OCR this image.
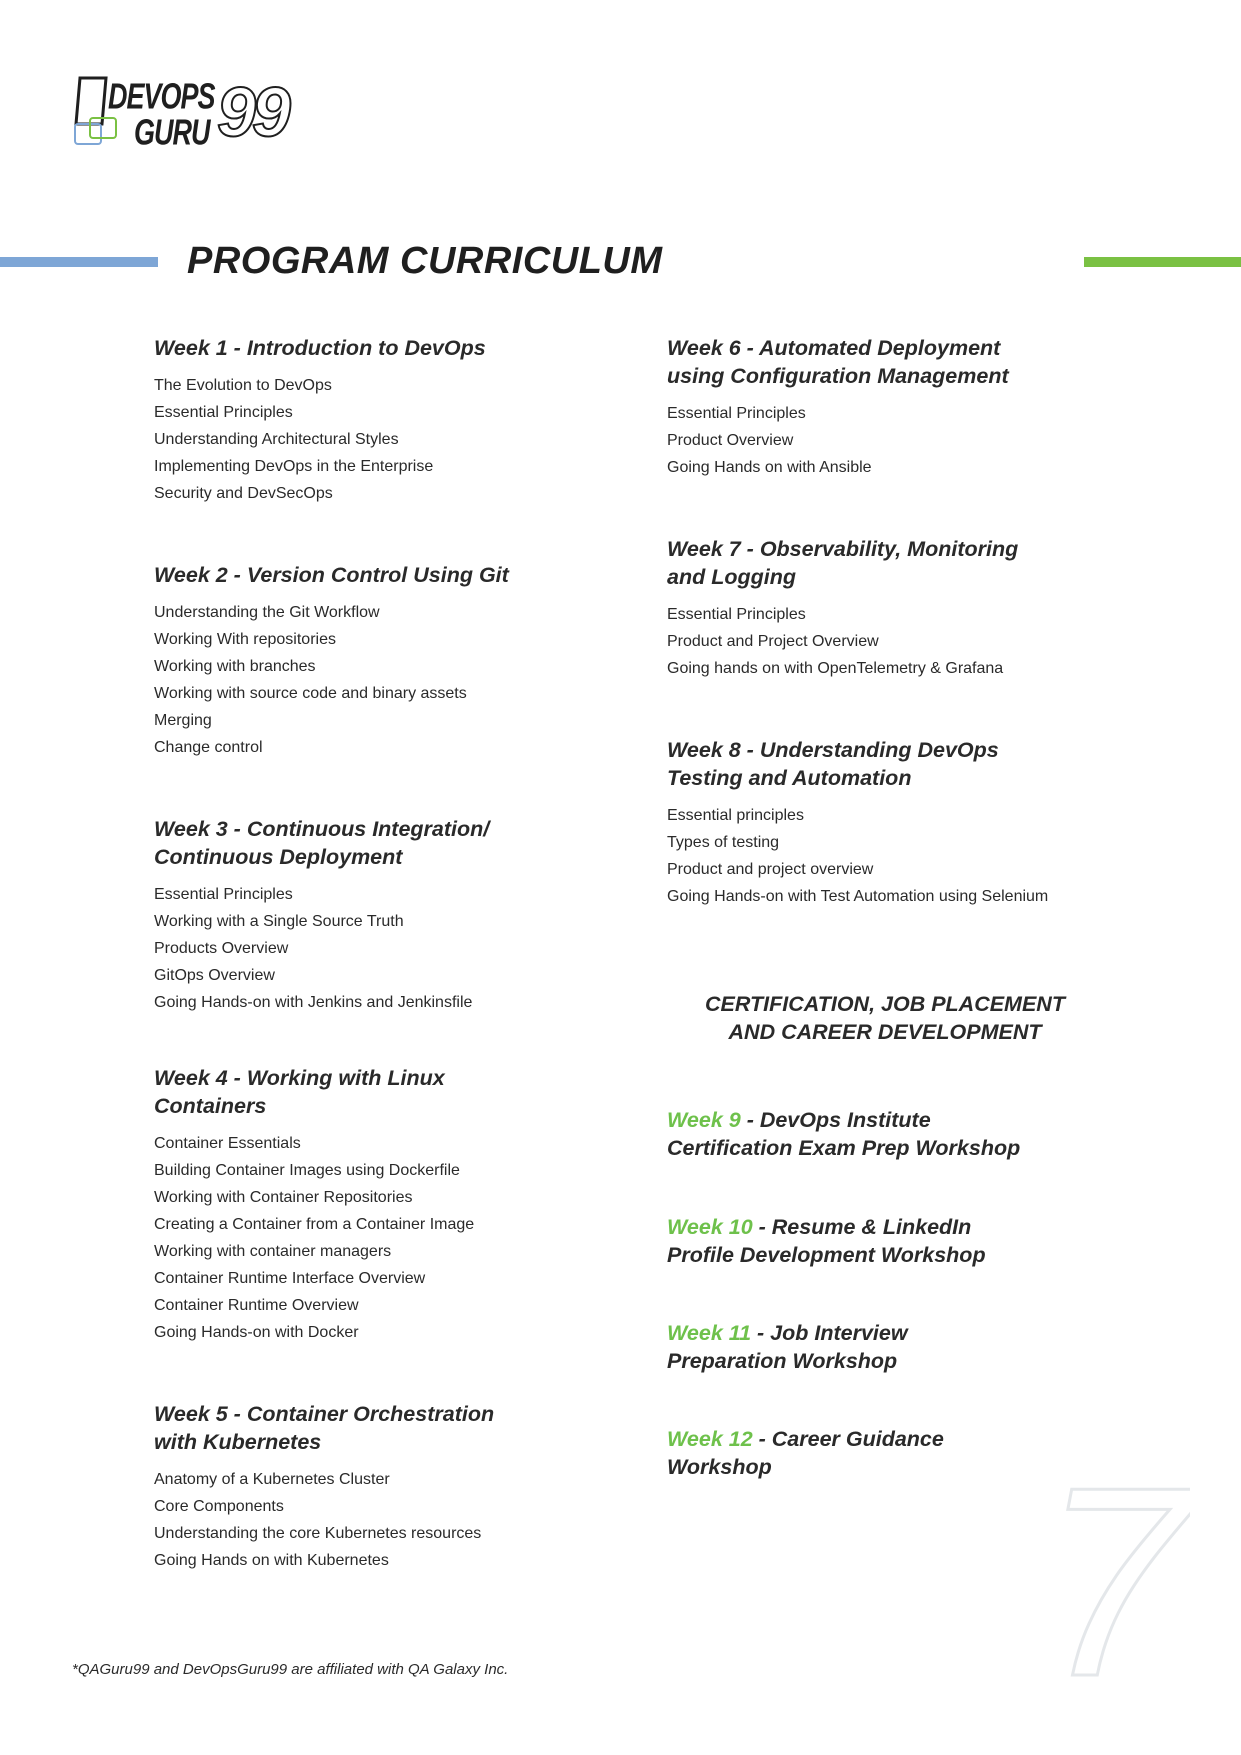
DEVOPS
GURU 99
PROGRAM CURRICULUM
Week 1 - Introduction to DevOps
The Evolution to DevOps
Essential Principles
Understanding Architectural Styles
Implementing DevOps in the Enterprise
Security and DevSecOps
Week 2 - Version Control Using Git
Understanding the Git Workflow
Working With repositories
Working with branches
Working with source code and binary assets
Merging
Change control
Week 3 - Continuous Integration/
Continuous Deployment
Essential Principles
Working with a Single Source Truth
Products Overview
GitOps Overview
Going Hands-on with Jenkins and Jenkinsfile
Week 4 - Working with Linux
Containers
Container Essentials
Building Container Images using Dockerfile
Working with Container Repositories
Creating a Container from a Container Image
Working with container managers
Container Runtime Interface Overview
Container Runtime Overview
Going Hands-on with Docker
Week 5 - Container Orchestration
with Kubernetes
Anatomy of a Kubernetes Cluster
Core Components
Understanding the core Kubernetes resources
Going Hands on with Kubernetes
Week 6 - Automated Deployment
using Configuration Management
Essential Principles
Product Overview
Going Hands on with Ansible
Week 7 - Observability, Monitoring
and Logging
Essential Principles
Product and Project Overview
Going hands on with OpenTelemetry & Grafana
Week 8 - Understanding DevOps
Testing and Automation
Essential principles
Types of testing
Product and project overview
Going Hands-on with Test Automation using Selenium
CERTIFICATION, JOB PLACEMENT
AND CAREER DEVELOPMENT
Week 9 - DevOps Institute
Certification Exam Prep Workshop
Week 10 - Resume & LinkedIn
Profile Development Workshop
Week 11 - Job Interview
Preparation Workshop
Week 12 - Career Guidance
Workshop 7

*QAGuru99 and DevOpsGuru99 are affiliated with QA Galaxy Inc.
